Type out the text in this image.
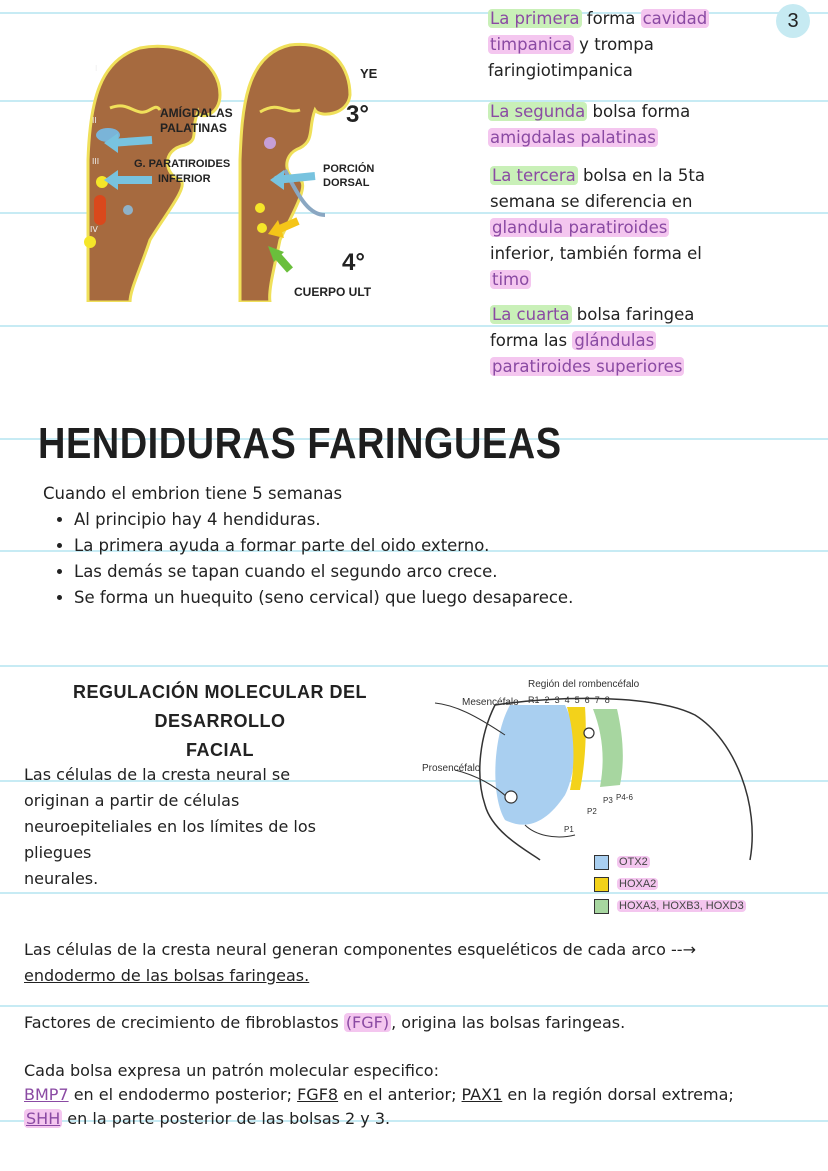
3
AMÍGDALAS
PALATINAS
G. PARATIROIDES
INFERIOR
PORCIÓN
DORSAL
3°
4°
YE
CUERPO ULT
I
II
III
IV
La primera forma cavidad
timpanica y trompa
faringiotimpanica
La segunda bolsa forma
amigdalas palatinas
La tercera bolsa en la 5ta
semana se diferencia en
glandula paratiroides
inferior, también forma el
timo
La cuarta bolsa faringea
forma las glándulas
paratiroides superiores
HENDIDURAS FARINGUEAS
Cuando el embrion tiene 5 semanas
• Al principio hay 4 hendiduras.
• La primera ayuda a formar parte del oido externo.
• Las demás se tapan cuando el segundo arco crece.
• Se forma un huequito (seno cervical) que luego desaparece.
REGULACIÓN MOLECULAR DEL DESARROLLO
FACIAL
Las células de la cresta neural se
originan a partir de células
neuroepiteliales en los límites de los
pliegues
neurales.
Región del rombencéfalo
Mesencéfalo
Prosencéfalo
R1 2 3 4 5 6 7 8
P1
P2
P3 P4-6
OTX2
HOXA2
HOXA3, HOXB3, HOXD3
Las células de la cresta neural generan componentes esqueléticos de cada arco --→
endodermo de las bolsas faringeas.
Factores de crecimiento de fibroblastos (FGF) , origina las bolsas faringeas.
Cada bolsa expresa un patrón molecular especifico:
BMP7 en el endodermo posterior; FGF8 en el anterior; PAX1 en la región dorsal extrema;
SHH en la parte posterior de las bolsas 2 y 3.
